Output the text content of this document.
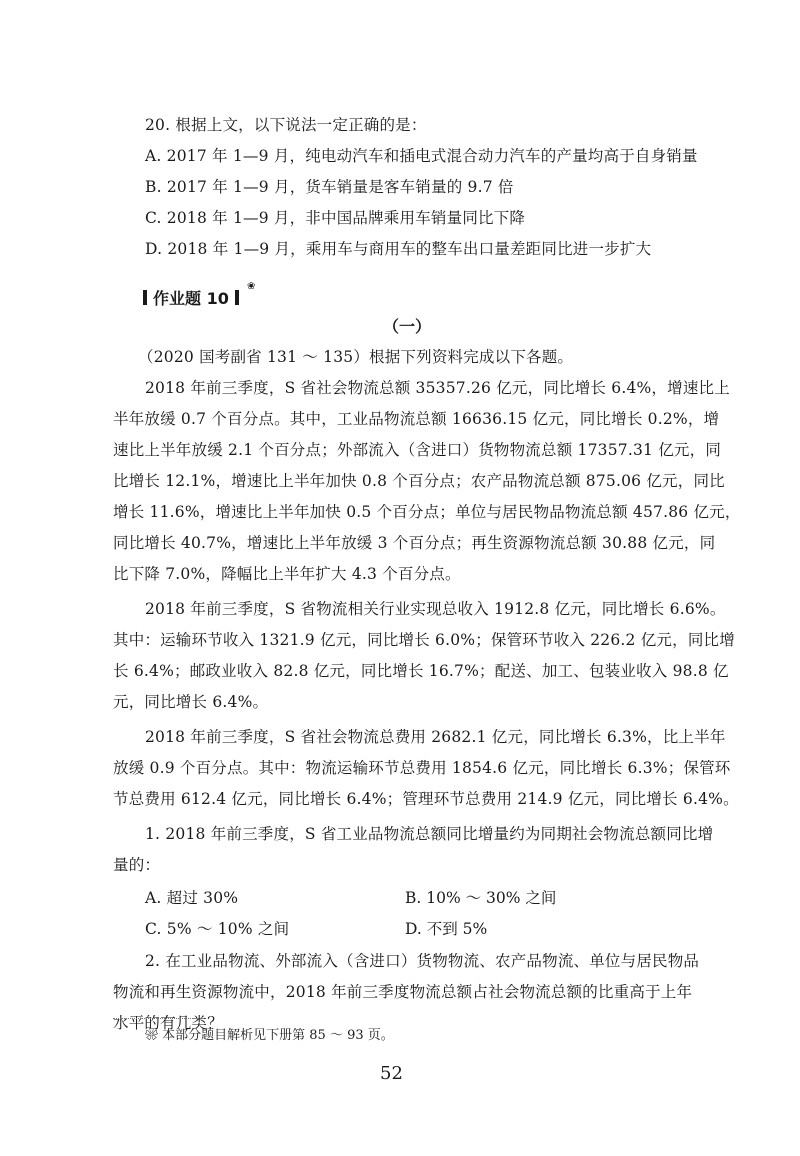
20. 根据上文，以下说法一定正确的是：
A. 2017 年 1—9 月，纯电动汽车和插电式混合动力汽车的产量均高于自身销量
B. 2017 年 1—9 月，货车销量是客车销量的 9.7 倍
C. 2018 年 1—9 月，非中国品牌乘用车销量同比下降
D. 2018 年 1—9 月，乘用车与商用车的整车出口量差距同比进一步扩大
作业题 10
❀
（一）
（2020 国考副省 131 ～ 135）根据下列资料完成以下各题。
2018 年前三季度，S 省社会物流总额 35357.26 亿元，同比增长 6.4%，增速比上
半年放缓 0.7 个百分点。其中，工业品物流总额 16636.15 亿元，同比增长 0.2%，增
速比上半年放缓 2.1 个百分点；外部流入（含进口）货物物流总额 17357.31 亿元，同
比增长 12.1%，增速比上半年加快 0.8 个百分点；农产品物流总额 875.06 亿元，同比
增长 11.6%，增速比上半年加快 0.5 个百分点；单位与居民物品物流总额 457.86 亿元，
同比增长 40.7%，增速比上半年放缓 3 个百分点；再生资源物流总额 30.88 亿元，同
比下降 7.0%，降幅比上半年扩大 4.3 个百分点。
2018 年前三季度，S 省物流相关行业实现总收入 1912.8 亿元，同比增长 6.6%。
其中：运输环节收入 1321.9 亿元，同比增长 6.0%；保管环节收入 226.2 亿元，同比增
长 6.4%；邮政业收入 82.8 亿元，同比增长 16.7%；配送、加工、包装业收入 98.8 亿
元，同比增长 6.4%。
2018 年前三季度，S 省社会物流总费用 2682.1 亿元，同比增长 6.3%，比上半年
放缓 0.9 个百分点。其中：物流运输环节总费用 1854.6 亿元，同比增长 6.3%；保管环
节总费用 612.4 亿元，同比增长 6.4%；管理环节总费用 214.9 亿元，同比增长 6.4%。
1. 2018 年前三季度，S 省工业品物流总额同比增量约为同期社会物流总额同比增
量的：
A. 超过 30%	B. 10% ～ 30% 之间
C. 5% ～ 10% 之间	D. 不到 5%
2. 在工业品物流、外部流入（含进口）货物物流、农产品物流、单位与居民物品
物流和再生资源物流中，2018 年前三季度物流总额占社会物流总额的比重高于上年
水平的有几类？
❀ 本部分题目解析见下册第 85 ～ 93 页。
52
